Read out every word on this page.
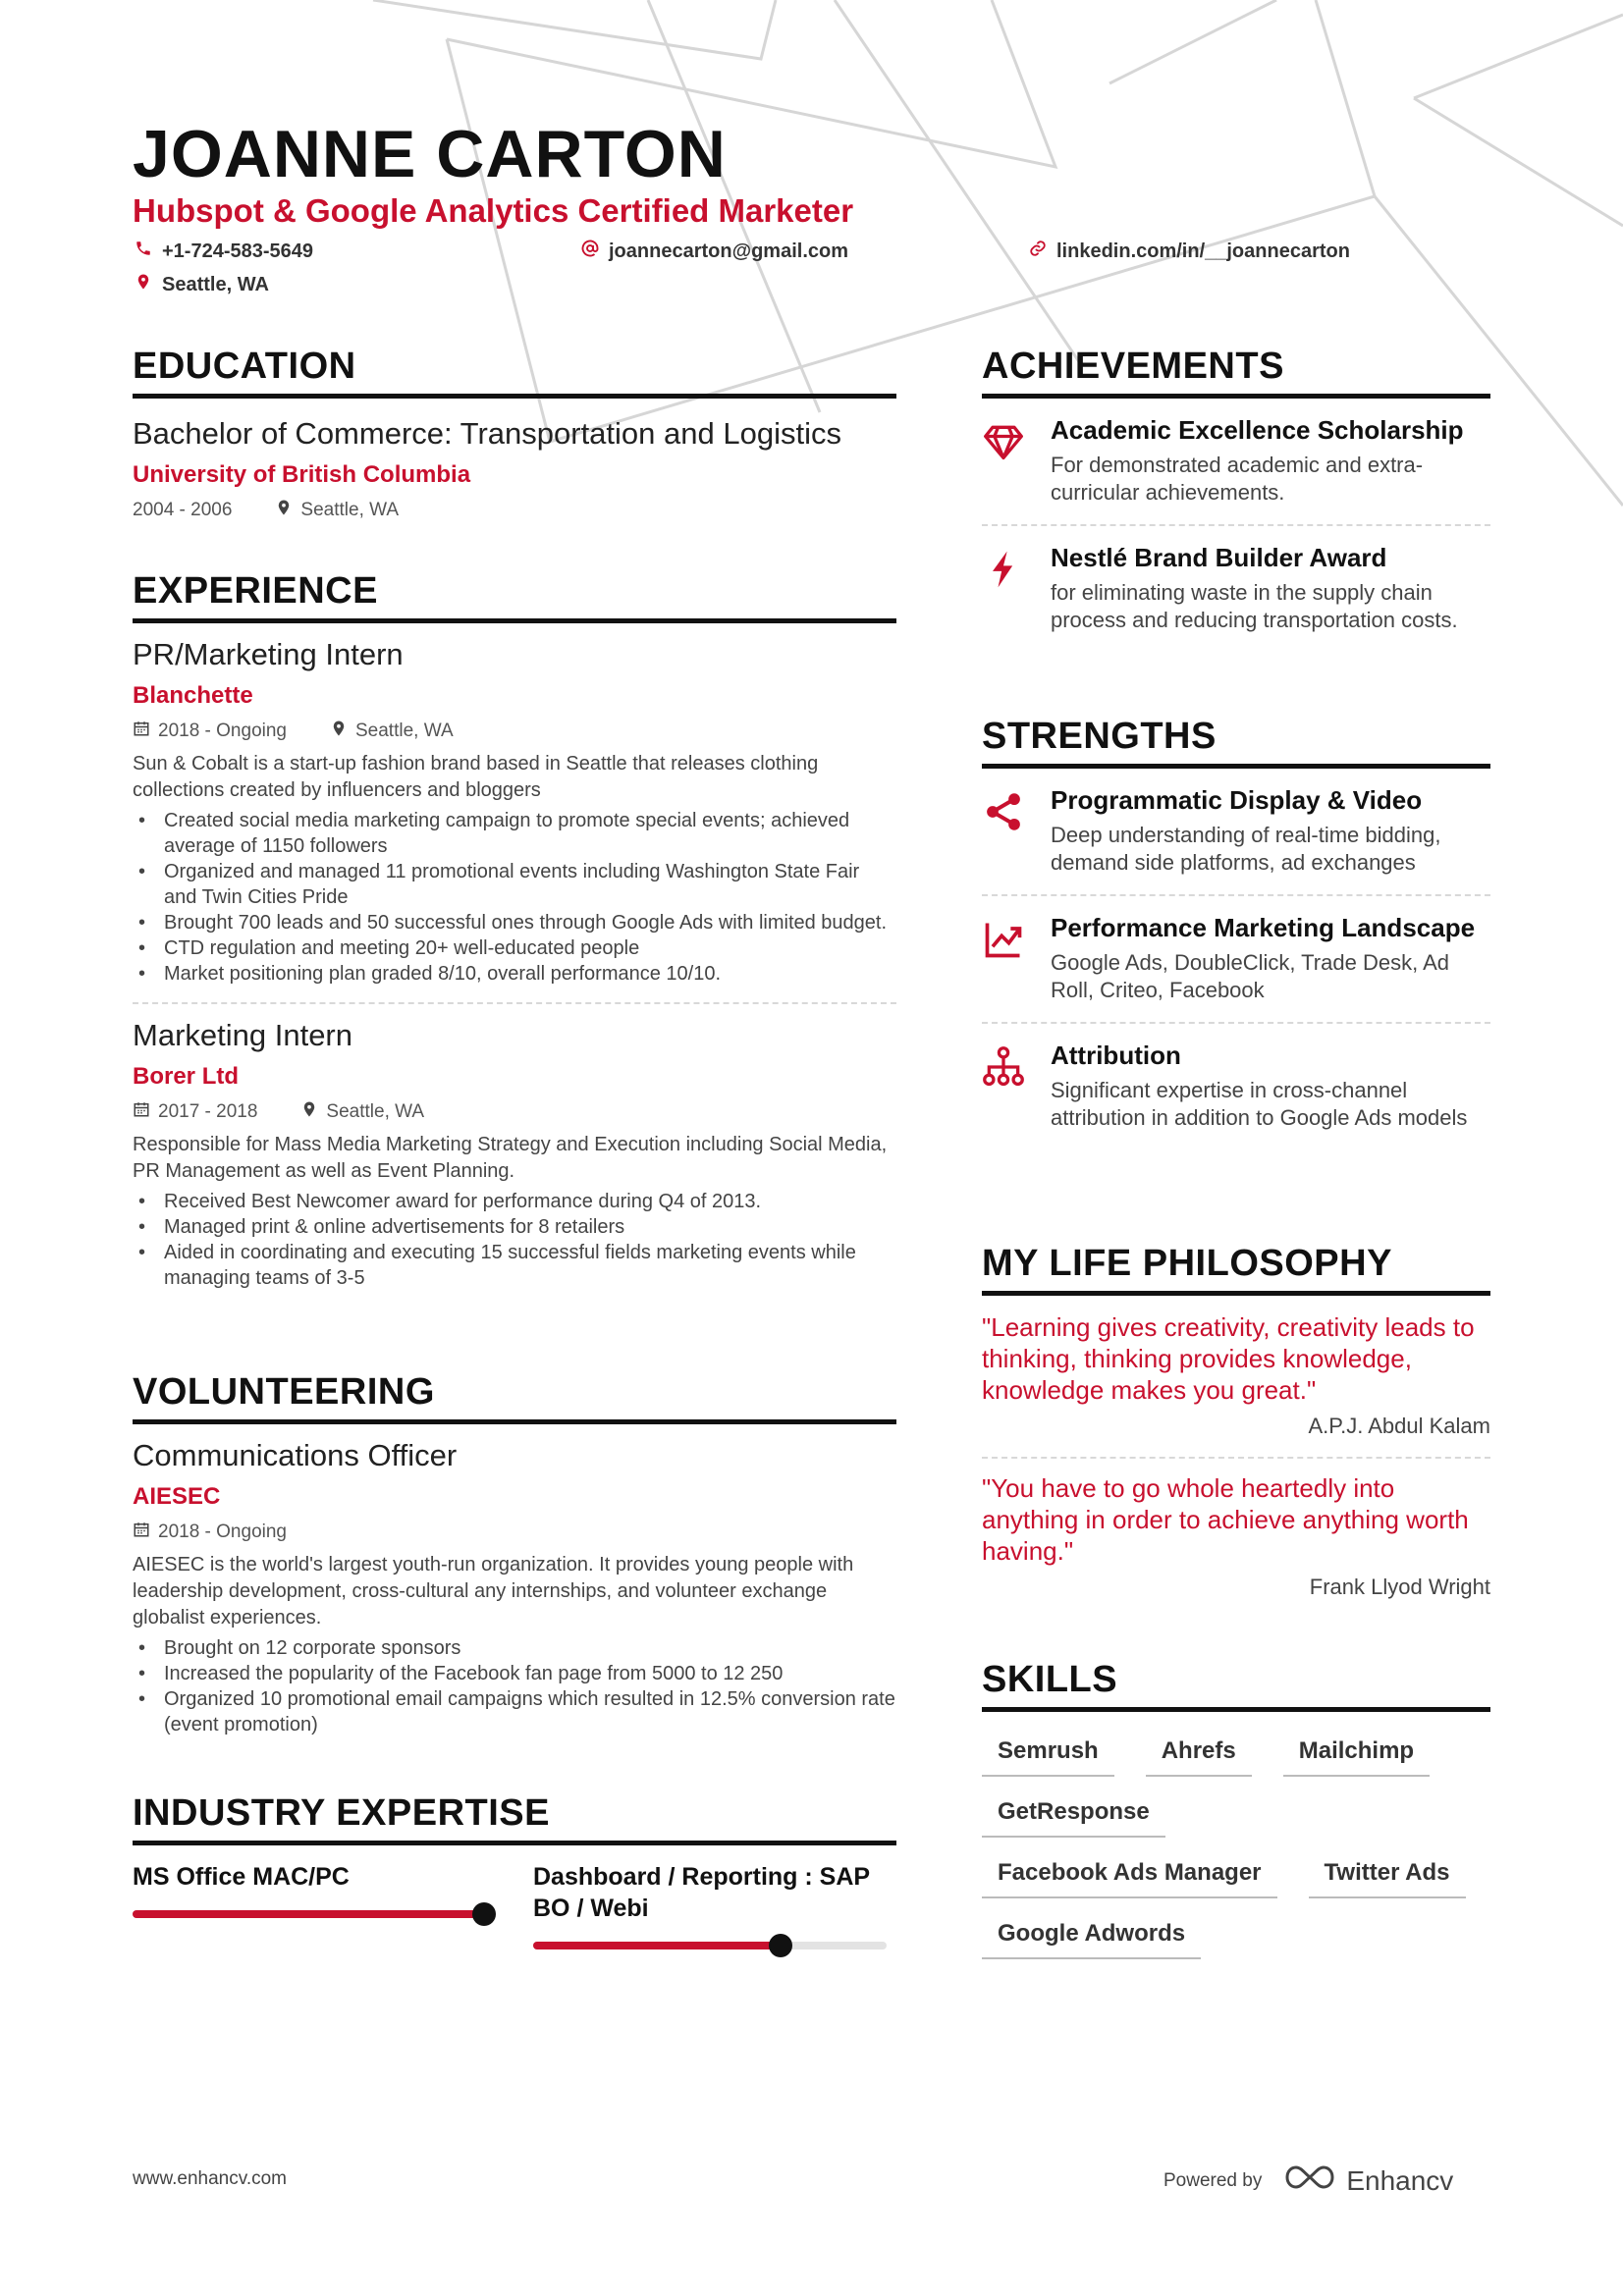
JOANNE CARTON
Hubspot & Google Analytics Certified Marketer
+1-724-583-5649	joannecarton@gmail.com	linkedin.com/in/__joannecarton
Seattle, WA
EDUCATION
Bachelor of Commerce: Transportation and Logistics
University of British Columbia
2004 - 2006	Seattle, WA
EXPERIENCE
PR/Marketing Intern
Blanchette
2018 - Ongoing	Seattle, WA
Sun & Cobalt is a start-up fashion brand based in Seattle that releases clothing collections created by influencers and bloggers
• Created social media marketing campaign to promote special events; achieved average of 1150 followers
• Organized and managed 11 promotional events including Washington State Fair and Twin Cities Pride
• Brought 700 leads and 50 successful ones through Google Ads with limited budget.
• CTD regulation and meeting 20+ well-educated people
• Market positioning plan graded 8/10, overall performance 10/10.
Marketing Intern
Borer Ltd
2017 - 2018	Seattle, WA
Responsible for Mass Media Marketing Strategy and Execution including Social Media, PR Management as well as Event Planning.
• Received Best Newcomer award for performance during Q4 of 2013.
• Managed print & online advertisements for 8 retailers
• Aided in coordinating and executing 15 successful fields marketing events while managing teams of 3-5
VOLUNTEERING
Communications Officer
AIESEC
2018 - Ongoing
AIESEC is the world's largest youth-run organization. It provides young people with leadership development, cross-cultural any internships, and volunteer exchange globalist experiences.
• Brought on 12 corporate sponsors
• Increased the popularity of the Facebook fan page from 5000 to 12 250
• Organized 10 promotional email campaigns which resulted in 12.5% conversion rate (event promotion)
INDUSTRY EXPERTISE
MS Office MAC/PC	Dashboard / Reporting : SAP BO / Webi
ACHIEVEMENTS
Academic Excellence Scholarship
For demonstrated academic and extra-curricular achievements.
Nestlé Brand Builder Award
for eliminating waste in the supply chain process and reducing transportation costs.
STRENGTHS
Programmatic Display & Video
Deep understanding of real-time bidding, demand side platforms, ad exchanges
Performance Marketing Landscape
Google Ads, DoubleClick, Trade Desk, Ad Roll, Criteo, Facebook
Attribution
Significant expertise in cross-channel attribution in addition to Google Ads models
MY LIFE PHILOSOPHY
"Learning gives creativity, creativity leads to thinking, thinking provides knowledge, knowledge makes you great."
A.P.J. Abdul Kalam
"You have to go whole heartedly into anything in order to achieve anything worth having."
Frank Llyod Wright
SKILLS
Semrush	Ahrefs	Mailchimp
GetResponse
Facebook Ads Manager	Twitter Ads
Google Adwords
www.enhancv.com	Powered by	Enhancv
